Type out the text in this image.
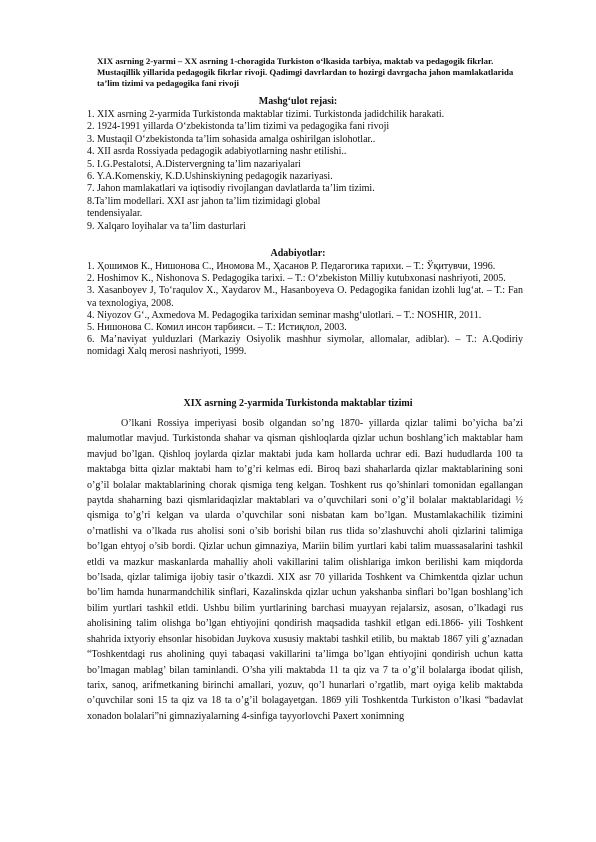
XIX asrning 2-yarmi – XX asrning 1-choragida Turkiston o‘lkasida tarbiya, maktab va pedagogik fikrlar. Mustaqillik yillarida pedagogik fikrlar rivoji. Qadimgi davrlardan to hozirgi davrgacha jahon mamlakatlarida ta’lim tizimi va pedagogika fani rivoji
Mashg‘ulot rejasi:
1. XIX asrning 2-yarmida Turkistonda maktablar tizimi. Turkistonda jadidchilik harakati.
2. 1924-1991 yillarda O‘zbekistonda ta’lim tizimi va pedagogika fani rivoji
3. Mustaqil O‘zbekistonda ta’lim sohasida amalga oshirilgan islohotlar..
4. XII asrda Rossiyada pedagogik adabiyotlarning nashr etilishi..
5. I.G.Pestalotsi, A.Distervergning ta’lim nazariyalari
6. Y.A.Komenskiy, K.D.Ushinskiyning pedagogik nazariyasi.
7. Jahon mamlakatlari va iqtisodiy rivojlangan davlatlarda ta’lim tizimi.
8.Ta’lim modellari. XXI asr jahon ta’lim tizimidagi global
tendensiyalar.
9. Xalqaro loyihalar va ta’lim dasturlari
Adabiyotlar:

1. Ҳошимов К., Нишонова С., Иномова М., Ҳасанов Р. Педагогика тарихи. – Т.: Ўқитувчи, 1996.

2. Hoshimov K., Nishonova S. Pedagogika tarixi. – T.: O‘zbekiston Milliy kutubxonasi nashriyoti, 2005.

3. Xasanboyev J, To‘raqulov X., Xaydarov M., Hasanboyeva O. Pedagogika fanidan izohli lug‘at. – T.: Fan va texnologiya, 2008.

4. Niyozov G‘., Axmedova M. Pedagogika tarixidan seminar mashg‘ulotlari. – T.: NOSHIR, 2011.

5. Нишонова С. Комил инсон тарбияси. – Т.: Истиқлол, 2003.

6. Ma’naviyat yulduzlari (Markaziy Osiyolik mashhur siymolar, allomalar, adiblar). – T.: A.Qodiriy nomidagi Xalq merosi nashriyoti, 1999.

XIX asrning 2-yarmida Turkistonda maktablar tizimi

O’lkani Rossiya imperiyasi bosib olgandan so’ng 1870- yillarda qizlar talimi bo’yicha ba’zi malumotlar mavjud. Turkistonda shahar va qisman qishloqlarda qizlar uchun boshlang’ich maktablar ham mavjud bo’lgan. Qishloq joylarda qizlar maktabi juda kam hollarda uchrar edi. Bazi hududlarda 100 ta maktabga bitta qizlar maktabi ham to’g’ri kelmas edi. Biroq bazi shaharlarda qizlar maktablarining soni o’g’il bolalar maktablarining chorak qismiga teng kelgan. Toshkent rus qo’shinlari tomonidan egallangan paytda shaharning bazi qismlaridaqizlar maktablari va o’quvchilari soni o’g’il bolalar maktablaridagi ½ qismiga to’g’ri kelgan va ularda o’quvchilar soni nisbatan kam bo’lgan. Mustamlakachilik tizimini o’rnatlishi va o’lkada rus aholisi soni o’sib borishi bilan rus tlida so’zlashuvchi aholi qizlarini talimiga bo’lgan ehtyoj o’sib bordi. Qizlar uchun gimnaziya, Mariin bilim yurtlari kabi talim muassasalarini tashkil etldi va mazkur maskanlarda mahalliy aholi vakillarini talim olishlariga imkon berilishi kam miqdorda bo’lsada, qizlar talimiga ijobiy tasir o’tkazdi. XIX asr 70 yillarida Toshkent va Chimkentda qizlar uchun bo’lim hamda hunarmandchilik sinflari, Kazalinskda qizlar uchun yakshanba sinflari bo’lgan boshlang’ich bilim yurtlari tashkil etldi. Ushbu bilim yurtlarining barchasi muayyan rejalarsiz, asosan, o’lkadagi rus aholisining talim olishga bo’lgan ehtiyojini qondirish maqsadida tashkil etlgan edi.1866- yili Toshkent shahrida ixtyoriy ehsonlar hisobidan Juykova xususiy maktabi tashkil etilib, bu maktab 1867 yili g’aznadan “Toshkentdagi rus aholining quyi tabaqasi vakillarini ta’limga bo’lgan ehtiyojini qondirish uchun katta bo’lmagan mablag’ bilan taminlandi. O’sha yili maktabda 11 ta qiz va 7 ta o’g’il bolalarga ibodat qilish, tarix, sanoq, arifmetkaning birinchi amallari, yozuv, qo’l hunarlari o’rgatlib, mart oyiga kelib maktabda o’quvchilar soni 15 ta qiz va 18 ta o’g’il bolagayetgan. 1869 yili Toshkentda Turkiston o’lkasi “badavlat xonadon bolalari”ni gimnaziyalarning 4-sinfiga tayyorlovchi Paxert xonimning
